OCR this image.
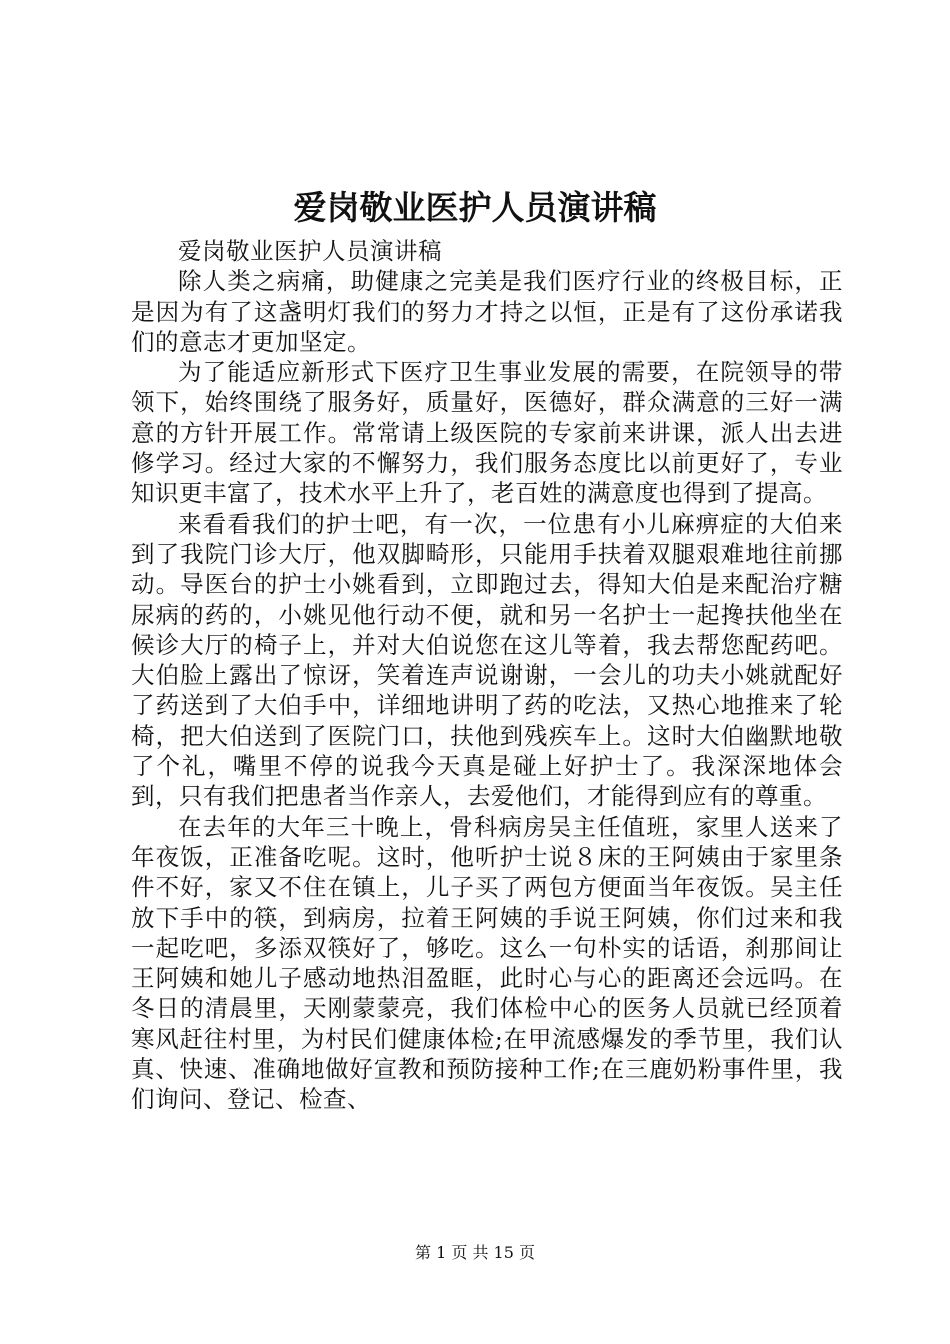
爱岗敬业医护人员演讲稿

爱岗敬业医护人员演讲稿

除人类之病痛，助健康之完美是我们医疗行业的终极目标，正是因为有了这盏明灯我们的努力才持之以恒，正是有了这份承诺我们的意志才更加坚定。

为了能适应新形式下医疗卫生事业发展的需要，在院领导的带领下，始终围绕了服务好，质量好，医德好，群众满意的三好一满意的方针开展工作。常常请上级医院的专家前来讲课，派人出去进修学习。经过大家的不懈努力，我们服务态度比以前更好了，专业知识更丰富了，技术水平上升了，老百姓的满意度也得到了提高。

来看看我们的护士吧，有一次，一位患有小儿麻痹症的大伯来到了我院门诊大厅，他双脚畸形，只能用手扶着双腿艰难地往前挪动。导医台的护士小姚看到，立即跑过去，得知大伯是来配治疗糖尿病的药的，小姚见他行动不便，就和另一名护士一起搀扶他坐在候诊大厅的椅子上，并对大伯说您在这儿等着，我去帮您配药吧。大伯脸上露出了惊讶，笑着连声说谢谢，一会儿的功夫小姚就配好了药送到了大伯手中，详细地讲明了药的吃法，又热心地推来了轮椅，把大伯送到了医院门口，扶他到残疾车上。这时大伯幽默地敬了个礼，嘴里不停的说我今天真是碰上好护士了。我深深地体会到，只有我们把患者当作亲人，去爱他们，才能得到应有的尊重。

在去年的大年三十晚上，骨科病房吴主任值班，家里人送来了年夜饭，正准备吃呢。这时，他听护士说８床的王阿姨由于家里条件不好，家又不住在镇上，儿子买了两包方便面当年夜饭。吴主任放下手中的筷，到病房，拉着王阿姨的手说王阿姨，你们过来和我一起吃吧，多添双筷好了，够吃。这么一句朴实的话语，刹那间让王阿姨和她儿子感动地热泪盈眶，此时心与心的距离还会远吗。在冬日的清晨里，天刚蒙蒙亮，我们体检中心的医务人员就已经顶着寒风赶往村里，为村民们健康体检;在甲流感爆发的季节里，我们认真、快速、准确地做好宣教和预防接种工作;在三鹿奶粉事件里，我们询问、登记、检查、

第 1 页 共 15 页
